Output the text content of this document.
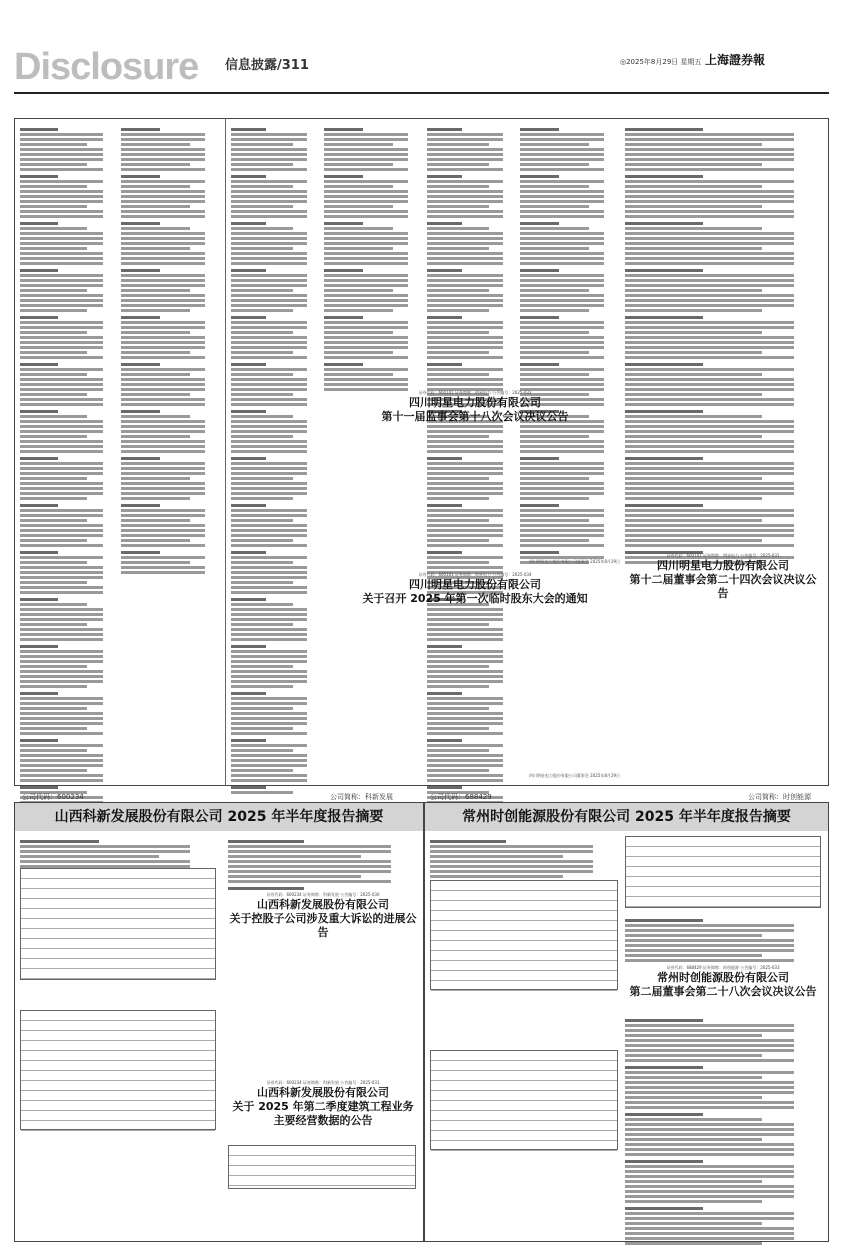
Disclosure 信息披露/311	◎2025年8月29日 星期五 上海證券報
证券代码：600101 证券简称：明星电力 公告编号：2025-032
四川明星电力股份有限公司
第十一届监事会第十八次会议决议公告
四川明星电力股份有限公司监事会 2025年8月29日
证券代码：600101 证券简称：明星电力 公告编号：2025-034
四川明星电力股份有限公司
关于召开 2025 年第一次临时股东大会的通知
四川明星电力股份有限公司董事会 2025年8月29日
证券代码：600101 证券简称：明星电力 公告编号：2025-031
四川明星电力股份有限公司
第十二届董事会第二十四次会议决议公告
公司代码：600234	公司简称：科新发展
山西科新发展股份有限公司 2025 年半年度报告摘要
证券代码：600234 证券简称：科新发展 公告编号：2025-030
山西科新发展股份有限公司
关于控股子公司涉及重大诉讼的进展公告
证券代码：600234 证券简称：科新发展 公告编号：2025-031
山西科新发展股份有限公司
关于 2025 年第二季度建筑工程业务
主要经营数据的公告
公司代码：688429	公司简称：时创能源
常州时创能源股份有限公司 2025 年半年度报告摘要
证券代码：688429 证券简称：时创能源 公告编号：2025-033
常州时创能源股份有限公司
第二届董事会第二十八次会议决议公告
